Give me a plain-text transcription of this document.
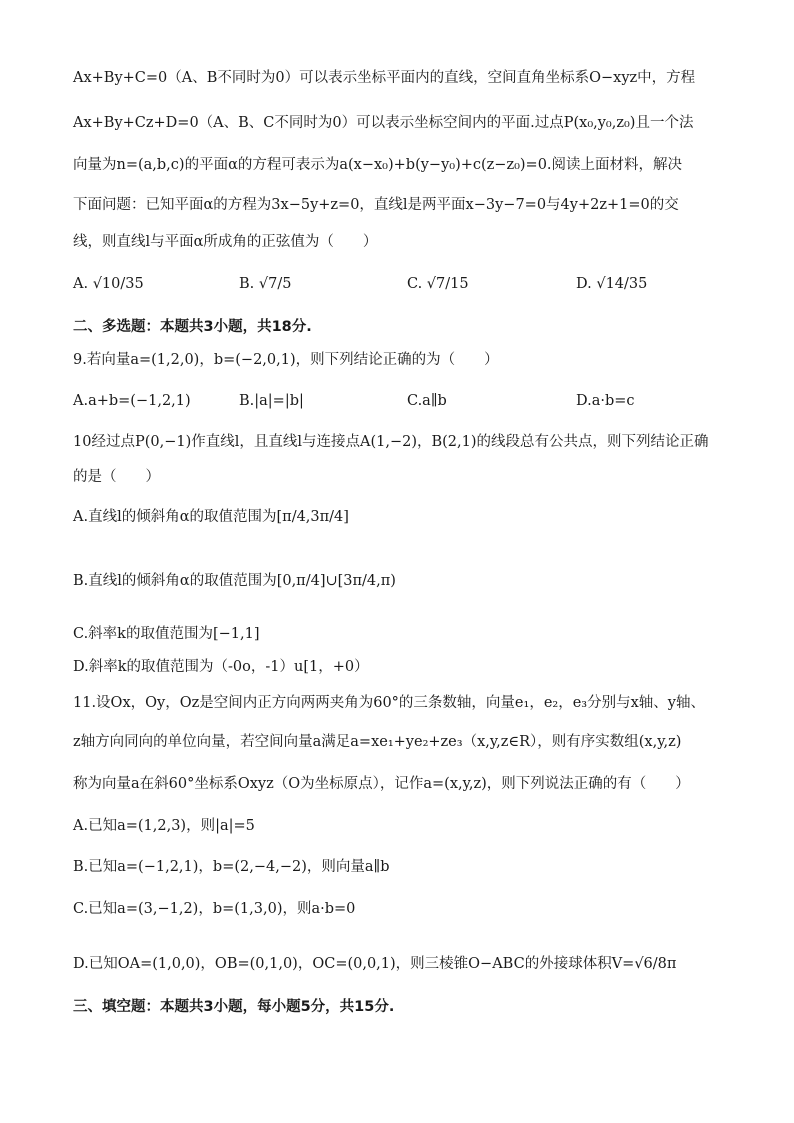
Ax+By+C=0（A、B不同时为0）可以表示坐标平面内的直线，空间直角坐标系O−xyz中，方程
Ax+By+Cz+D=0（A、B、C不同时为0）可以表示坐标空间内的平面.过点P(x₀,y₀,z₀)且一个法
向量为n=(a,b,c)的平面α的方程可表示为a(x−x₀)+b(y−y₀)+c(z−z₀)=0.阅读上面材料，解决
下面问题：已知平面α的方程为3x−5y+z=0，直线l是两平面x−3y−7=0与4y+2z+1=0的交
线，则直线l与平面α所成角的正弦值为（　　）
A. √10/35	B. √7/5	C. √7/15	D. √14/35
二、多选题：本题共3小题，共18分.
9.若向量a=(1,2,0)，b=(−2,0,1)，则下列结论正确的为（　　）
A.a+b=(−1,2,1)	B.|a|=|b|	C.a∥b	D.a·b=c
10经过点P(0,−1)作直线l，且直线l与连接点A(1,−2)，B(2,1)的线段总有公共点，则下列结论正确
的是（　　）
A.直线l的倾斜角α的取值范围为[π/4,3π/4]
B.直线l的倾斜角α的取值范围为[0,π/4]∪[3π/4,π)
C.斜率k的取值范围为[−1,1]
D.斜率k的取值范围为（-0o，-1）u[1，+0）
11.设Ox，Oy，Oz是空间内正方向两两夹角为60°的三条数轴，向量e₁，e₂，e₃分别与x轴、y轴、
z轴方向同向的单位向量，若空间向量a满足a=xe₁+ye₂+ze₃（x,y,z∈R），则有序实数组(x,y,z)
称为向量a在斜60°坐标系Oxyz（O为坐标原点），记作a=(x,y,z)，则下列说法正确的有（　　）
A.已知a=(1,2,3)，则|a|=5
B.已知a=(−1,2,1)，b=(2,−4,−2)，则向量a∥b
C.已知a=(3,−1,2)，b=(1,3,0)，则a·b=0
D.已知OA=(1,0,0)，OB=(0,1,0)，OC=(0,0,1)，则三棱锥O−ABC的外接球体积V=√6/8π
三、填空题：本题共3小题，每小题5分，共15分.
